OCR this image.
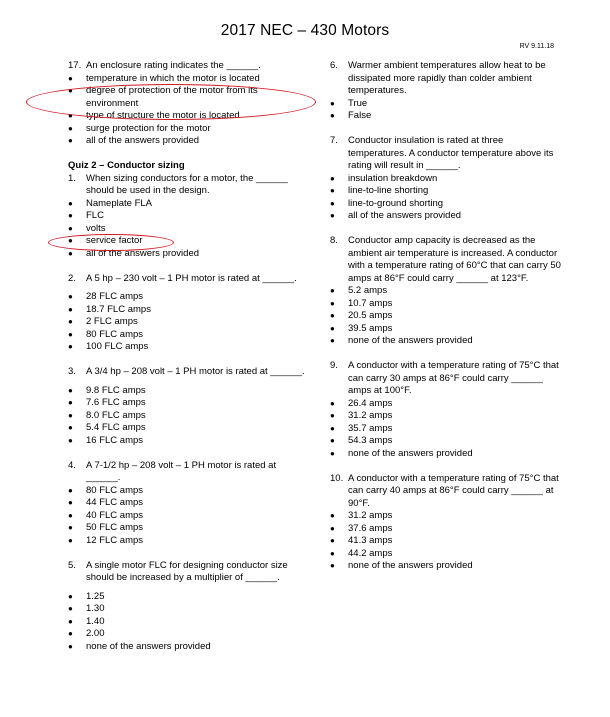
2017 NEC – 430 Motors
RV 9.11.18
17. An enclosure rating indicates the ______.
●	temperature in which the motor is located
●	degree of protection of the motor from its environment
●	type of structure the motor is located
●	surge protection for the motor
●	all of the answers provided
Quiz 2 – Conductor sizing
1.	When sizing conductors for a motor, the ______ should be used in the design.
●	Nameplate FLA
●	FLC
●	volts
●	service factor
●	all of the answers provided
2.	A 5 hp – 230 volt – 1 PH motor is rated at ______.
●	28 FLC amps
●	18.7 FLC amps
●	2 FLC amps
●	80 FLC amps
●	100 FLC amps
3.	A 3/4 hp – 208 volt – 1 PH motor is rated at ______.
●	9.8 FLC amps
●	7.6 FLC amps
●	8.0 FLC amps
●	5.4 FLC amps
●	16 FLC amps
4.	A 7-1/2 hp – 208 volt – 1 PH motor is rated at ______.
●	80 FLC amps
●	44 FLC amps
●	40 FLC amps
●	50 FLC amps
●	12 FLC amps
5.	A single motor FLC for designing conductor size should be increased by a multiplier of ______.
●	1.25
●	1.30
●	1.40
●	2.00
●	none of the answers provided
6.	Warmer ambient temperatures allow heat to be dissipated more rapidly than colder ambient temperatures.
●	True
●	False
7.	Conductor insulation is rated at three temperatures. A conductor temperature above its rating will result in ______.
●	insulation breakdown
●	line-to-line shorting
●	line-to-ground shorting
●	all of the answers provided
8.	Conductor amp capacity is decreased as the ambient air temperature is increased. A conductor with a temperature rating of 60°C that can carry 50 amps at 86°F could carry ______ at 123°F.
●	5.2 amps
●	10.7 amps
●	20.5 amps
●	39.5 amps
●	none of the answers provided
9.	A conductor with a temperature rating of 75°C that can carry 30 amps at 86°F could carry ______ amps at 100°F.
●	26.4 amps
●	31.2 amps
●	35.7 amps
●	54.3 amps
●	none of the answers provided
10. A conductor with a temperature rating of 75°C that can carry 40 amps at 86°F could carry ______ at 90°F.
●	31.2 amps
●	37.6 amps
●	41.3 amps
●	44.2 amps
●	none of the answers provided
